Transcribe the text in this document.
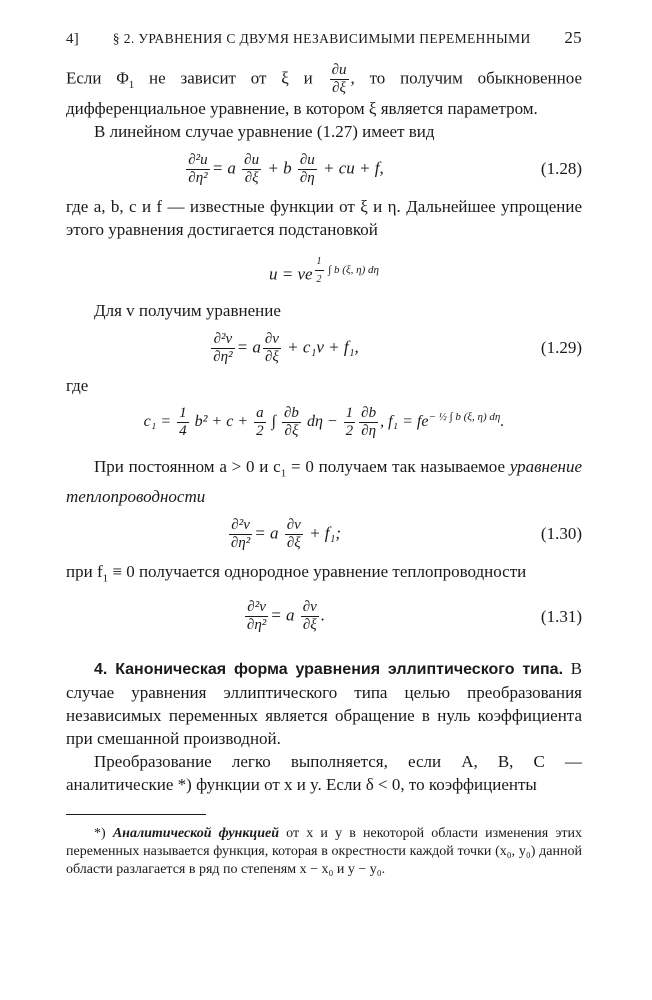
4] § 2. УРАВНЕНИЯ С ДВУМЯ НЕЗАВИСИМЫМИ ПЕРЕМЕННЫМИ 25

Если $\Phi_1$ не зависит от ξ и $\frac{\partial u}{\partial\xi}$ , то получим обыкновенное дифференциальное уравнение, в котором ξ является параметром.

В линейном случае уравнение (1.27) имеет вид

$\frac{\text{∂²u}}{\text{∂η²}} = a \frac{\partial u}{\partial\xi} + b \frac{\partial u}{\partial\eta}$ + cu + f,	(1.28)

где a, b, c и f — известные функции от ξ и η. Дальнейшее упрощение этого уравнения достигается подстановкой

u = ve $^{\frac{1}{2} \int b (\xi, \eta) d\eta}$

Для v получим уравнение

$\frac{\text{∂²v}}{\text{∂η²}} = a \frac{\partial v}{\partial\xi} + c_1v + f_1$,	(1.29)

где

$c_1 = \frac{1}{4} b^2 + c + \frac{a}{2}$ ∫ $\frac{\partial b}{\partial\xi}$ $d\eta - \frac{1}{2} \frac{\partial b}{\partial\eta}$ , $f_1 = fe^{- \frac{1}{2} \int b (\xi, \eta) d\eta}$.

При постоянном a > 0 и $c_1 = 0$ получаем так называемое уравнение теплопроводности

$\frac{\text{∂²v}}{\text{∂η²}} = a \frac{\partial v}{\partial\xi} + f_1$;	(1.30)

при $f_1 \equiv 0$ получается однородное уравнение теплопроводности

$\frac{\text{∂²v}}{\text{∂η²}} = a \frac{\partial v}{\partial\xi}$ .	(1.31)

4. Каноническая форма уравнения эллиптического типа. В случае уравнения эллиптического типа целью преобразования независимых переменных является обращение в нуль коэффициента при смешанной производной.

Преобразование легко выполняется, если A, B, C — аналитические *) функции от x и y. Если δ < 0, то коэффициенты

*) Аналитической функцией от x и y в некоторой области изменения этих переменных называется функция, которая в окрестности каждой точки (x₀, y₀) данной области разлагается в ряд по степеням x − x₀ и y − y₀.
